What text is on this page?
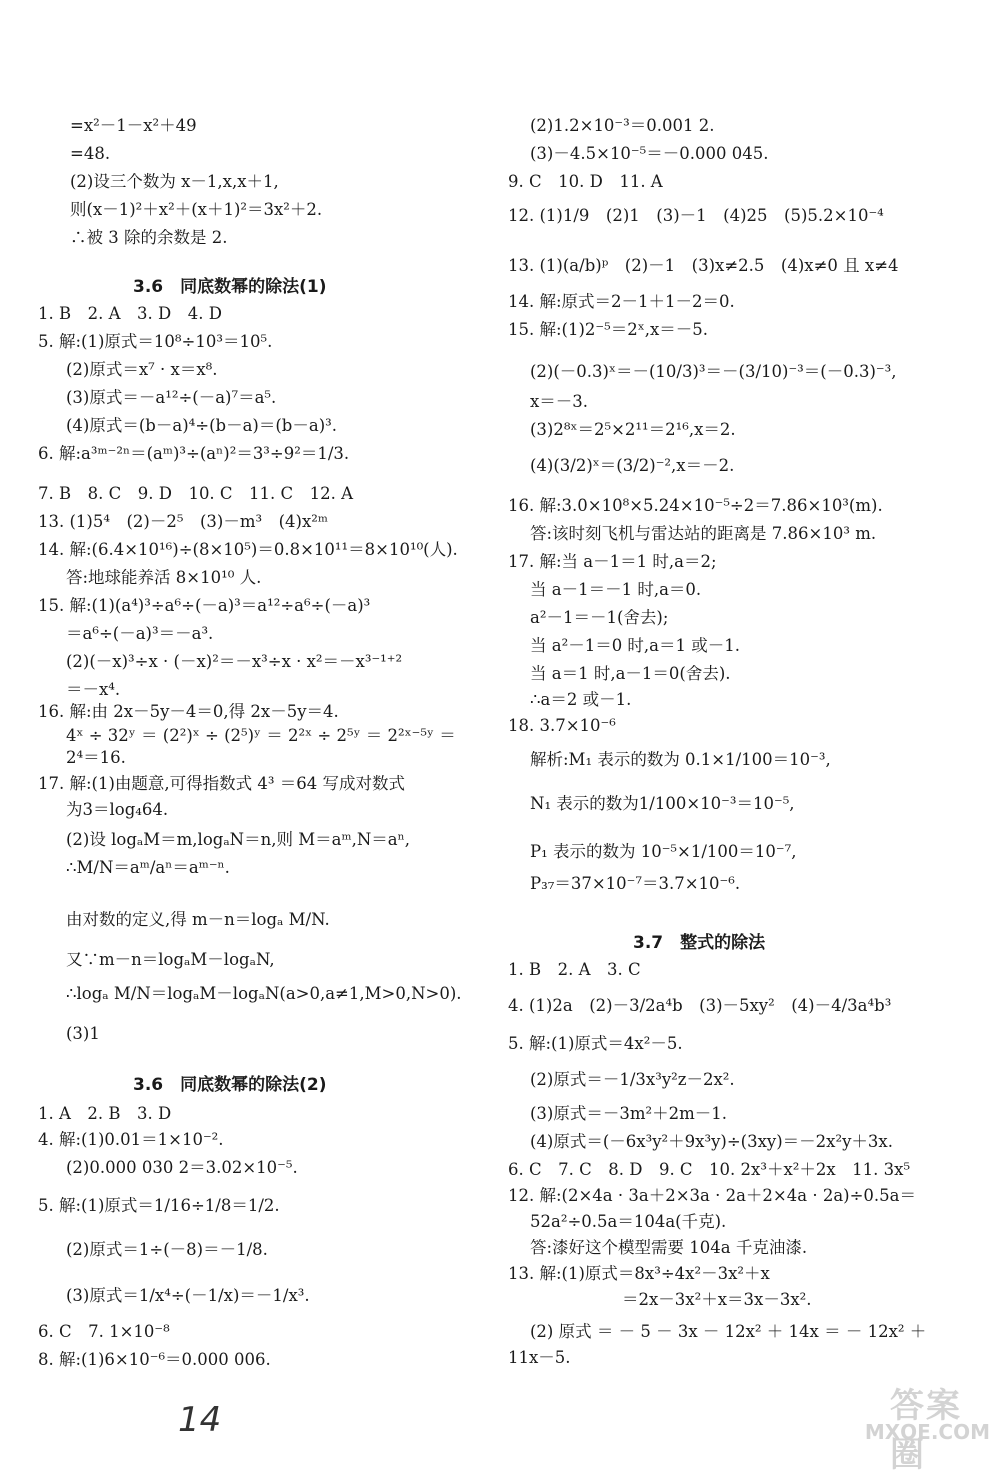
=x²－1－x²＋49
=48.
(2)设三个数为 x－1,x,x＋1,
则(x－1)²＋x²＋(x＋1)²＝3x²＋2.
∴被 3 除的余数是 2.
3.6　同底数幂的除法(1)
1. B　2. A　3. D　4. D
5. 解:(1)原式＝10⁸÷10³＝10⁵.
(2)原式＝x⁷ · x＝x⁸.
(3)原式＝－a¹²÷(－a)⁷＝a⁵.
(4)原式＝(b－a)⁴÷(b－a)＝(b－a)³.
6. 解:a³ᵐ⁻²ⁿ＝(aᵐ)³÷(aⁿ)²＝3³÷9²＝1/3.
7. B　8. C　9. D　10. C　11. C　12. A
13. (1)5⁴　(2)－2⁵　(3)－m³　(4)x²ᵐ
14. 解:(6.4×10¹⁶)÷(8×10⁵)＝0.8×10¹¹＝8×10¹⁰(人).
答:地球能养活 8×10¹⁰ 人.
15. 解:(1)(a⁴)³÷a⁶÷(－a)³＝a¹²÷a⁶÷(－a)³
＝a⁶÷(－a)³＝－a³.
(2)(－x)³÷x · (－x)²＝－x³÷x · x²＝－x³⁻¹⁺²
＝－x⁴.
16. 解:由 2x－5y－4＝0,得 2x－5y＝4.
4ˣ ÷ 32ʸ ＝ (2²)ˣ ÷ (2⁵)ʸ ＝ 2²ˣ ÷ 2⁵ʸ ＝ 2²ˣ⁻⁵ʸ ＝
2⁴＝16.
17. 解:(1)由题意,可得指数式 4³ ＝64 写成对数式
为3＝log₄64.
(2)设 logₐM＝m,logₐN＝n,则 M＝aᵐ,N＝aⁿ,
∴M/N＝aᵐ/aⁿ＝aᵐ⁻ⁿ.
由对数的定义,得 m－n＝logₐ M/N.
又∵m－n＝logₐM－logₐN,
∴logₐ M/N＝logₐM－logₐN(a>0,a≠1,M>0,N>0).
(3)1
3.6　同底数幂的除法(2)
1. A　2. B　3. D
4. 解:(1)0.01＝1×10⁻².
(2)0.000 030 2＝3.02×10⁻⁵.
5. 解:(1)原式＝1/16÷1/8＝1/2.
(2)原式＝1÷(－8)＝－1/8.
(3)原式＝1/x⁴÷(－1/x)＝－1/x³.
6. C　7. 1×10⁻⁸
8. 解:(1)6×10⁻⁶＝0.000 006.
(2)1.2×10⁻³＝0.001 2.
(3)－4.5×10⁻⁵＝－0.000 045.
9. C　10. D　11. A
12. (1)1/9　(2)1　(3)－1　(4)25　(5)5.2×10⁻⁴
13. (1)(a/b)ᵖ　(2)－1　(3)x≠2.5　(4)x≠0 且 x≠4
14. 解:原式＝2－1＋1－2＝0.
15. 解:(1)2⁻⁵＝2ˣ,x＝－5.
(2)(－0.3)ˣ＝－(10/3)³＝－(3/10)⁻³＝(－0.3)⁻³,
x＝－3.
(3)2⁸ˣ＝2⁵×2¹¹＝2¹⁶,x＝2.
(4)(3/2)ˣ＝(3/2)⁻²,x＝－2.
16. 解:3.0×10⁸×5.24×10⁻⁵÷2＝7.86×10³(m).
答:该时刻飞机与雷达站的距离是 7.86×10³ m.
17. 解:当 a－1＝1 时,a＝2;
当 a－1＝－1 时,a＝0.
a²－1＝－1(舍去);
当 a²－1＝0 时,a＝1 或－1.
当 a＝1 时,a－1＝0(舍去).
∴a＝2 或－1.
18. 3.7×10⁻⁶
解析:M₁ 表示的数为 0.1×1/100＝10⁻³,
N₁ 表示的数为1/100×10⁻³＝10⁻⁵,
P₁ 表示的数为 10⁻⁵×1/100＝10⁻⁷,
P₃₇＝37×10⁻⁷＝3.7×10⁻⁶.
3.7　整式的除法
1. B　2. A　3. C
4. (1)2a　(2)－3/2a⁴b　(3)－5xy²　(4)－4/3a⁴b³
5. 解:(1)原式＝4x²－5.
(2)原式＝－1/3x³y²z－2x².
(3)原式＝－3m²＋2m－1.
(4)原式＝(－6x³y²＋9x³y)÷(3xy)＝－2x²y＋3x.
6. C　7. C　8. D　9. C　10. 2x³＋x²＋2x　11. 3x⁵
12. 解:(2×4a · 3a＋2×3a · 2a＋2×4a · 2a)÷0.5a＝
52a²÷0.5a＝104a(千克).
答:漆好这个模型需要 104a 千克油漆.
13. 解:(1)原式＝8x³÷4x²－3x²＋x
＝2x－3x²＋x＝3x－3x².
(2) 原式 ＝ － 5 － 3x － 12x² ＋ 14x ＝ － 12x² ＋
11x－5.
14	答案圈
MXQE.COM
